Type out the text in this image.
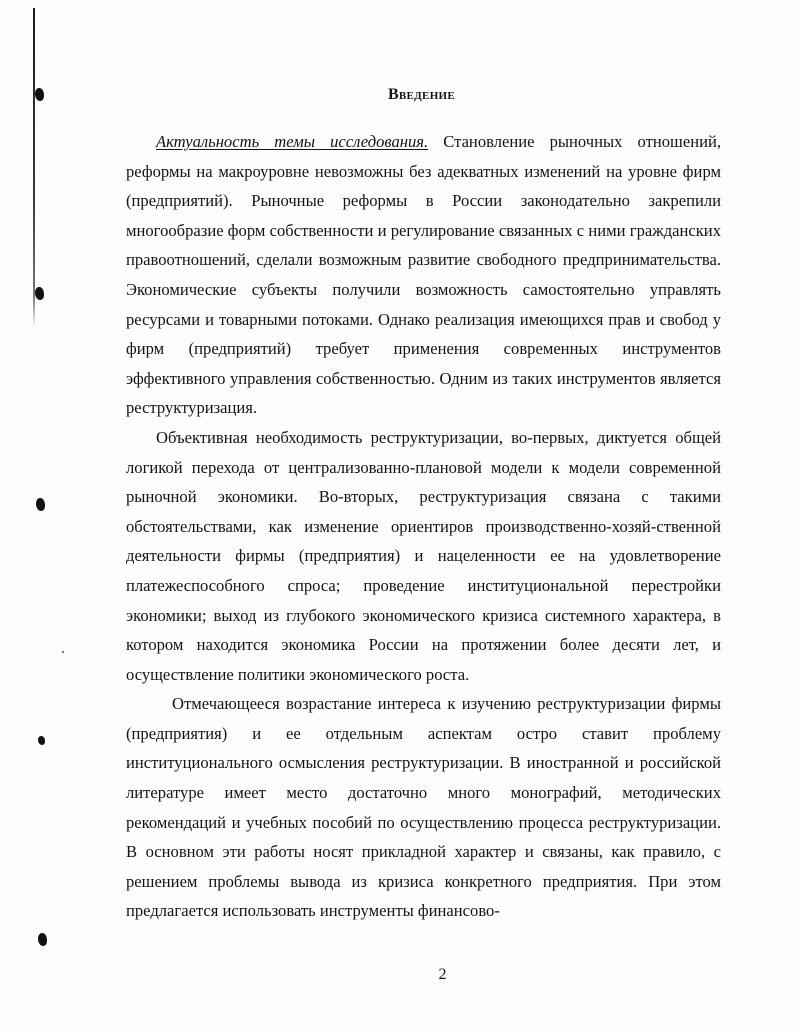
Введение

Актуальность темы исследования. Становление рыночных отношений, реформы на макроуровне невозможны без адекватных изменений на уровне фирм (предприятий). Рыночные реформы в России законодательно закрепили многообразие форм собственности и регулирование связанных с ними гражданских правоотношений, сделали возможным развитие свободного предпринимательства. Экономические субъекты получили возможность самостоятельно управлять ресурсами и товарными потоками. Однако реализация имеющихся прав и свобод у фирм (предприятий) требует применения современных инструментов эффективного управления собственностью. Одним из таких инструментов является реструктуризация.

Объективная необходимость реструктуризации, во-первых, диктуется общей логикой перехода от централизованно-плановой модели к модели современной рыночной экономики. Во-вторых, реструктуризация связана с такими обстоятельствами, как изменение ориентиров производственно-хозяй-ственной деятельности фирмы (предприятия) и нацеленности ее на удовлетворение платежеспособного спроса; проведение институциональной перестройки экономики; выход из глубокого экономического кризиса системного характера, в котором находится экономика России на протяжении более десяти лет, и осуществление политики экономического роста.

Отмечающееся возрастание интереса к изучению реструктуризации фирмы (предприятия) и ее отдельным аспектам остро ставит проблему институционального осмысления реструктуризации. В иностранной и российской литературе имеет место достаточно много монографий, методических рекомендаций и учебных пособий по осуществлению процесса реструктуризации. В основном эти работы носят прикладной характер и связаны, как правило, с решением проблемы вывода из кризиса конкретного предприятия. При этом предлагается использовать инструменты финансово-

2
